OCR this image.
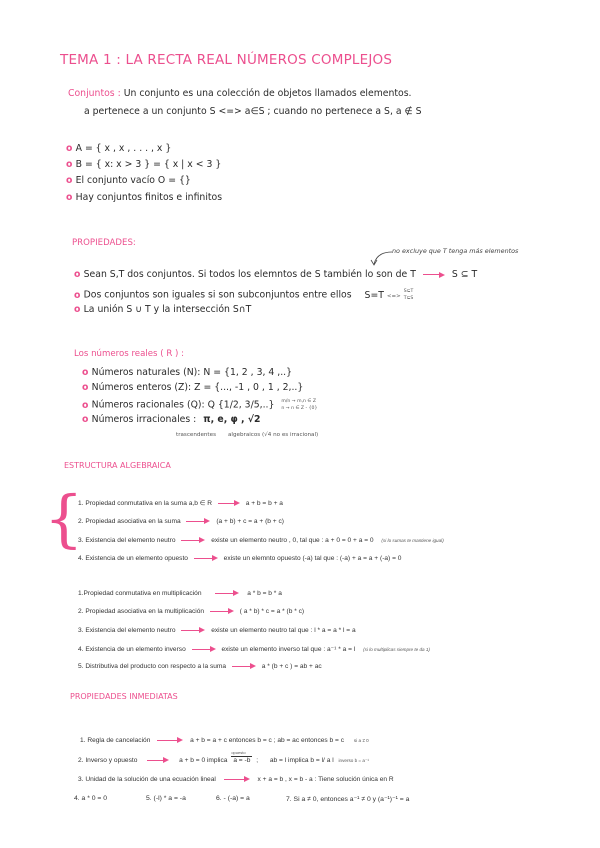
TEMA 1 : LA RECTA REAL NÚMEROS COMPLEJOS
Conjuntos : Un conjunto es una colección de objetos llamados elementos.
a pertenece a un conjunto S <=> a∈S ; cuando no pertenece a S, a ∉ S
o A = { x , x , . . . , x }
o B = { x: x > 3 } = { x | x < 3 }
o El conjunto vacío O = {}
o Hay conjuntos finitos e infinitos
PROPIEDADES:
no excluye que T tenga más elementos
o Sean S,T dos conjuntos. Si todos los elemntos de S también lo son de T	S ⊆ T
o Dos conjuntos son iguales si son subconjuntos entre ellos S=T <=>
S⊆T
T⊆S
o La unión S ∪ T y la intersección S∩T
Los números reales ( R ) :
o Números naturales (N): N = {1, 2 , 3, 4 ,..}
o Números enteros (Z): Z = {..., -1 , 0 , 1 , 2,..}
o Números racionales (Q): Q {1/2, 3/5,..} m/n → m,n ∈ Z
n → n ∈ Z - {0}
o Números irracionales : π, e, φ , √2
trascendentes algebraicos (√4 no es irracional)
ESTRUCTURA ALGEBRAICA
{
1. Propiedad conmutativa en la suma a,b ∈ R	a + b = b + a
2. Propiedad asociativa en la suma	(a + b) + c = a + (b + c)
3. Existencia del elemento neutro	existe un elemento neutro , 0, tal que : a + 0 = 0 + a = 0 (si lo sumas te mantiene igual)
4. Existencia de un elemento opuesto	existe un elemnto opuesto (-a) tal que : (-a) + a = a + (-a) = 0
1.Propiedad conmutativa en multiplicación	a * b = b * a
2. Propiedad asociativa en la multiplicación	( a * b) * c = a * (b * c)
3. Existencia del elemento neutro	existe un elemento neutro tal que : l * a = a * l = a
4. Existencia de un elemento inverso	existe un elemento inverso tal que : a⁻¹ * a = l (si lo multiplicas siempre te da 1)
5. Distributiva del producto con respecto a la suma	a * (b + c ) = ab + ac
PROPIEDADES INMEDIATAS
1. Regla de cancelación	a + b = a + c entonces b = c ; ab = ac entonces b = c si a ≠ 0
2. Inverso y opuesto	a + b = 0 implica
opuesto
a = -b ; ab = l implica b = l/ a l inverso b = a⁻¹
3. Unidad de la solución de una ecuación lineal	x + a = b , x = b - a : Tiene solución única en R
4. a * 0 = 0	5. (-l) * a = -a	6. - (-a) = a	7. Si a ≠ 0, entonces a⁻¹ ≠ 0 y (a⁻¹)⁻¹ = a
